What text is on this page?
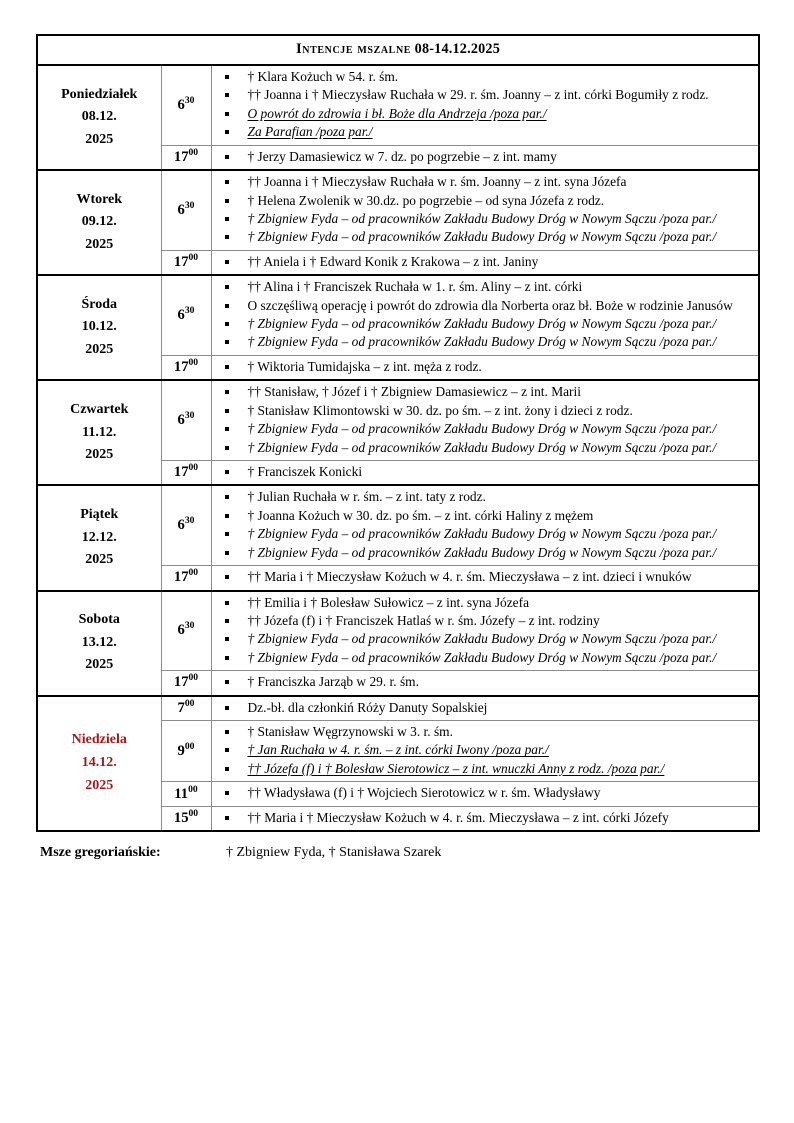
Intencje mszalne 08-14.12.2025		

Poniedziałek
08.12.
2025
	$6^{30}$	
† Klara Kożuch w 54. r. śm.
†† Joanna i † Mieczysław Ruchała w 29. r. śm. Joanny – z int. córki Bogumiły z rodz.
O powrót do zdrowia i bł. Boże dla Andrzeja /poza par./
Za Parafian /poza par./

$17^{00}$	† Jerzy Damasiewicz w 7. dz. po pogrzebie – z int. mamy

Wtorek
09.12.
2025
	$6^{30}$	
†† Joanna i † Mieczysław Ruchała w r. śm. Joanny – z int. syna Józefa
† Helena Zwolenik w 30.dz. po pogrzebie – od syna Józefa z rodz.
† Zbigniew Fyda – od pracowników Zakładu Budowy Dróg w Nowym Sączu /poza par./
† Zbigniew Fyda – od pracowników Zakładu Budowy Dróg w Nowym Sączu /poza par./

$17^{00}$	†† Aniela i † Edward Konik z Krakowa – z int. Janiny

Środa
10.12.
2025
	$6^{30}$	
†† Alina i † Franciszek Ruchała w 1. r. śm. Aliny – z int. córki
O szczęśliwą operację i powrót do zdrowia dla Norberta oraz bł. Boże w rodzinie Janusów
† Zbigniew Fyda – od pracowników Zakładu Budowy Dróg w Nowym Sączu /poza par./
† Zbigniew Fyda – od pracowników Zakładu Budowy Dróg w Nowym Sączu /poza par./

$17^{00}$	† Wiktoria Tumidajska – z int. męża z rodz.

Czwartek
11.12.
2025
	$6^{30}$	
†† Stanisław, † Józef i † Zbigniew Damasiewicz – z int. Marii
† Stanisław Klimontowski w 30. dz. po śm. – z int. żony i dzieci z rodz.
† Zbigniew Fyda – od pracowników Zakładu Budowy Dróg w Nowym Sączu /poza par./
† Zbigniew Fyda – od pracowników Zakładu Budowy Dróg w Nowym Sączu /poza par./

$17^{00}$	† Franciszek Konicki

Piątek
12.12.
2025
	$6^{30}$	
† Julian Ruchała w r. śm. – z int. taty z rodz.
† Joanna Kożuch w 30. dz. po śm. – z int. córki Haliny z mężem
† Zbigniew Fyda – od pracowników Zakładu Budowy Dróg w Nowym Sączu /poza par./
† Zbigniew Fyda – od pracowników Zakładu Budowy Dróg w Nowym Sączu /poza par./

$17^{00}$	†† Maria i † Mieczysław Kożuch w 4. r. śm. Mieczysława – z int. dzieci i wnuków

Sobota
13.12.
2025
	$6^{30}$	
†† Emilia i † Bolesław Sułowicz – z int. syna Józefa
†† Józefa (f) i † Franciszek Hatlaś w r. śm. Józefy – z int. rodziny
† Zbigniew Fyda – od pracowników Zakładu Budowy Dróg w Nowym Sączu /poza par./
† Zbigniew Fyda – od pracowników Zakładu Budowy Dróg w Nowym Sączu /poza par./

$17^{00}$	† Franciszka Jarząb w 29. r. śm.

Niedziela
14.12.
2025
	$7^{00}$	Dz.-bł. dla członkiń Róży Danuty Sopalskiej

$9^{00}$	
† Stanisław Węgrzynowski w 3. r. śm.
† Jan Ruchała w 4. r. śm. – z int. córki Iwony /poza par./
†† Józefa (f) i † Bolesław Sierotowicz – z int. wnuczki Anny z rodz. /poza par./

$11^{00}$	†† Władysława (f) i † Wojciech Sierotowicz w r. śm. Władysławy

$15^{00}$	†† Maria i † Mieczysław Kożuch w 4. r. śm. Mieczysława – z int. córki Józefy
Msze gregoriańskie:	† Zbigniew Fyda, † Stanisława Szarek
